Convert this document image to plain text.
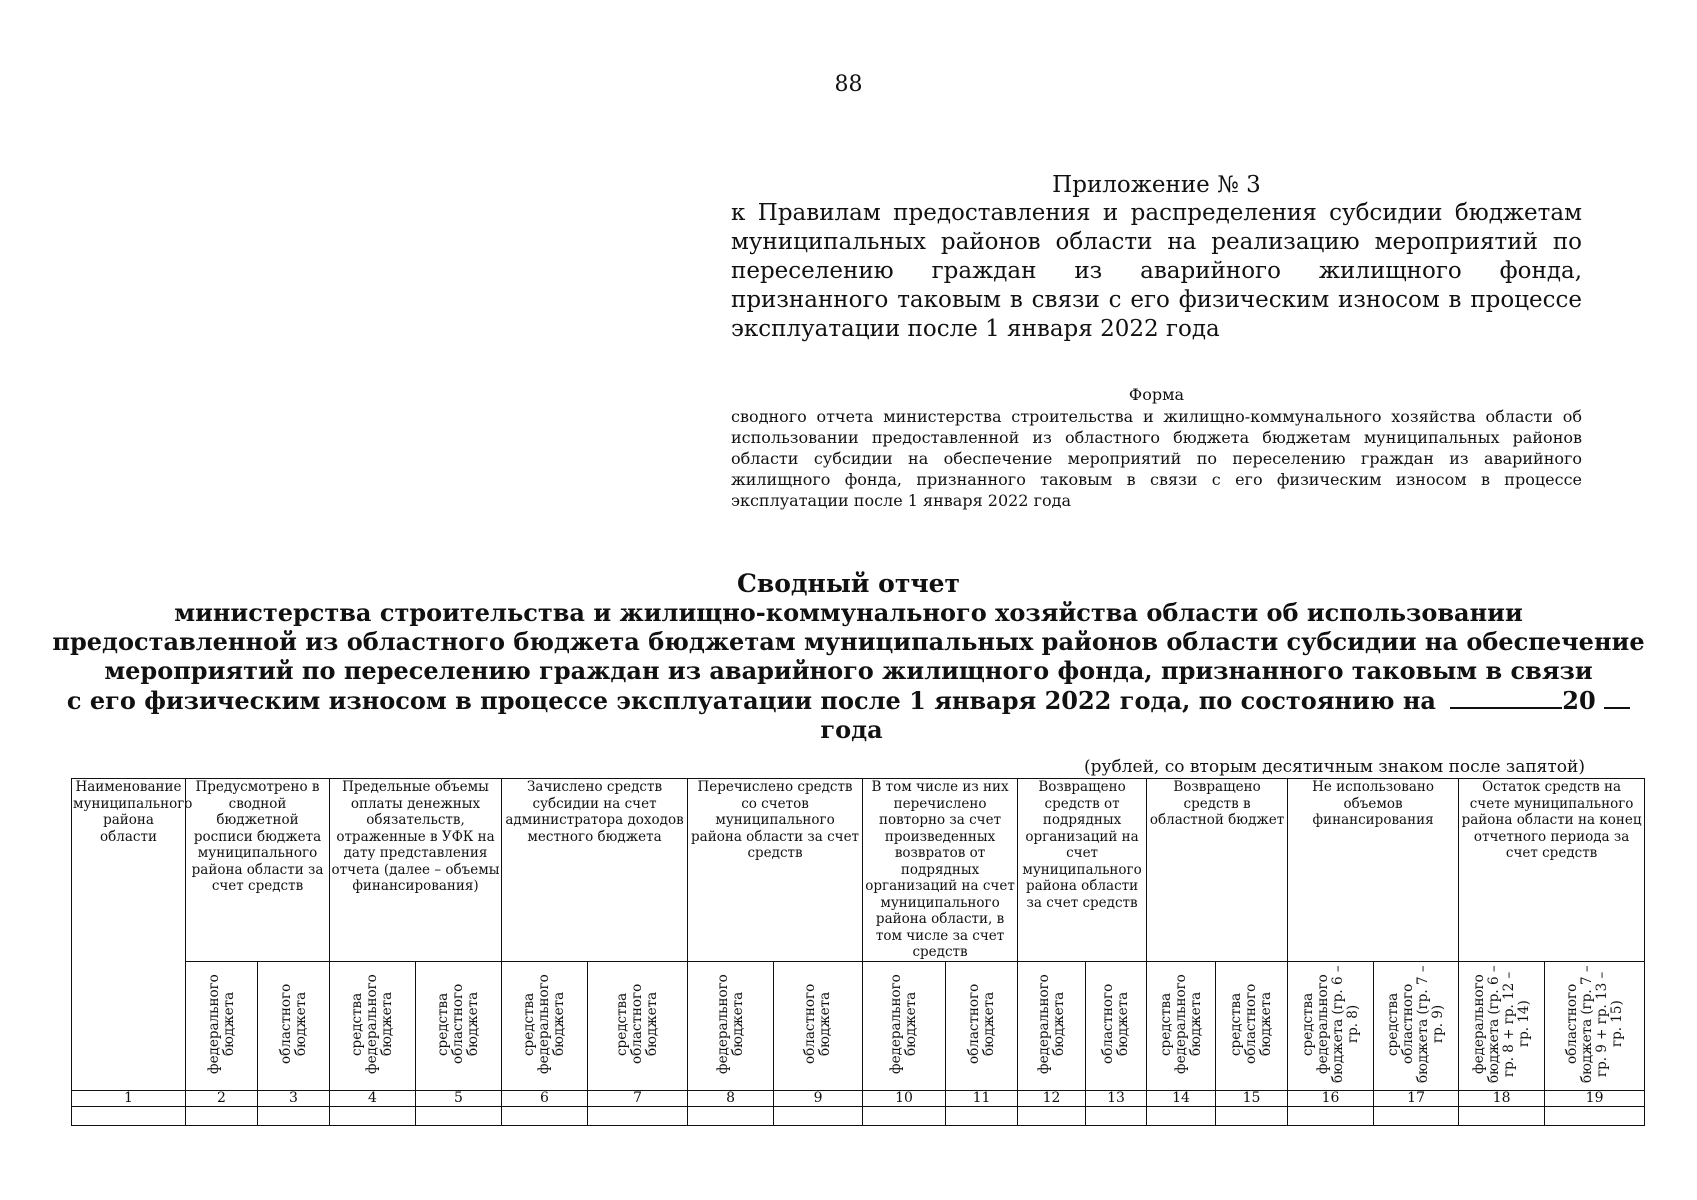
88
Приложение № 3
к Правилам предоставления и распределения субсидии бюджетам муниципальных районов области на реализацию мероприятий по переселению граждан из аварийного жилищного фонда, признанного таковым в связи с его физическим износом в процессе эксплуатации после 1 января 2022 года
Форма
сводного отчета министерства строительства и жилищно-коммунального хозяйства области об использовании предоставленной из областного бюджета бюджетам муниципальных районов области субсидии на обеспечение мероприятий по переселению граждан из аварийного жилищного фонда, признанного таковым в связи с его физическим износом в процессе эксплуатации после 1 января 2022 года
Сводный отчет
министерства строительства и жилищно-коммунального хозяйства области об использовании
предоставленной из областного бюджета бюджетам муниципальных районов области субсидии на обеспечение
мероприятий по переселению граждан из аварийного жилищного фонда, признанного таковым в связи
с его физическим износом в процессе эксплуатации после 1 января 2022 года, по состоянию на	20  года
(рублей, со вторым десятичным знаком после запятой)
Наименование муниципального района области	Предусмотрено в сводной бюджетной росписи бюджета муниципального района области за счет средств		Предельные объемы оплаты денежных обязательств, отраженные в УФК на дату представления отчета (далее – объемы финансирования)		Зачислено средств субсидии на счет администратора доходов местного бюджета		Перечислено средств со счетов муниципального района области за счет средств		В том числе из них перечислено повторно за счет произведенных возвратов от подрядных организаций на счет муниципального района области, в том числе за счет средств		Возвращено средств от подрядных организаций на счет муниципального района области за счет средств		Возвращено средств в областной бюджет		Не использовано объемов финансирования		Остаток средств на счете муниципального района области на конец отчетного периода за счет средств	
	федерального бюджета	областного бюджета	средства федерального бюджета	средства областного бюджета	средства федерального бюджета	средства областного бюджета	федерального бюджета	областного бюджета	федерального бюджета	областного бюджета	федерального бюджета	областного бюджета	средства федерального бюджета	средства областного бюджета	средства федерального бюджета (гр. 6 – гр. 8)	средства областного бюджета (гр. 7 – гр. 9)	федерального бюджета (гр. 6 – гр. 8 + гр. 12 – гр. 14)	областного бюджета (гр. 7 – гр. 9 + гр. 13 – гр. 15)
1	2	3	4	5	6	7	8	9	10	11	12	13	14	15	16	17	18	19
